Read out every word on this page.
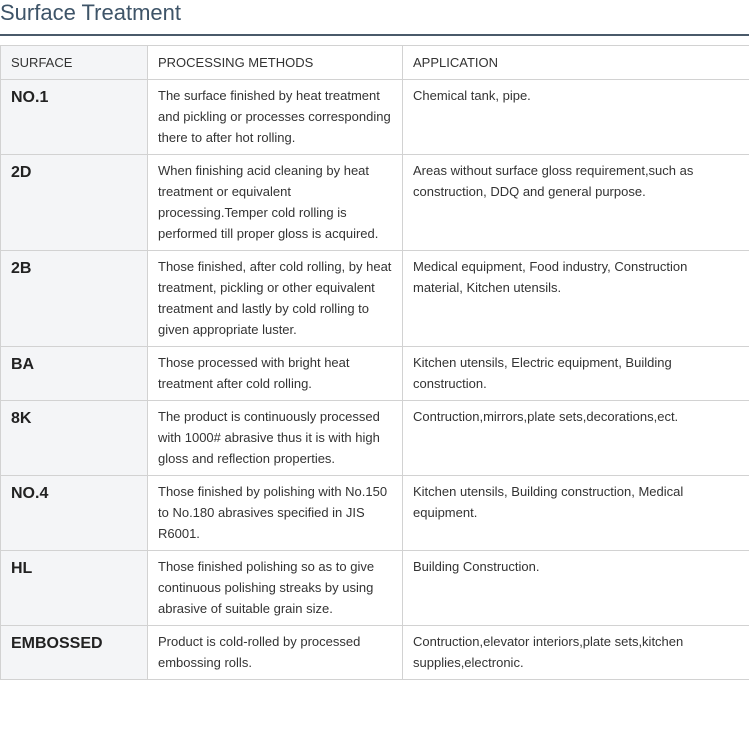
Surface Treatment
SURFACE	PROCESSING METHODS	APPLICATION
NO.1	The surface finished by heat treatment and pickling or processes corresponding there to after hot rolling.	Chemical tank, pipe.
2D	When finishing acid cleaning by heat treatment or equivalent processing.Temper cold rolling is performed till proper gloss is acquired.	Areas without surface gloss requirement,such as construction, DDQ and general purpose.
2B	Those finished, after cold rolling, by heat treatment, pickling or other equivalent treatment and lastly by cold rolling to given appropriate luster.	Medical equipment, Food industry, Construction material, Kitchen utensils.
BA	Those processed with bright heat treatment after cold rolling.	Kitchen utensils, Electric equipment, Building construction.
8K	The product is continuously processed with 1000# abrasive thus it is with high gloss and reflection properties.	Contruction,mirrors,plate sets,decorations,ect.
NO.4	Those finished by polishing with No.150 to No.180 abrasives specified in JIS R6001.	Kitchen utensils, Building construction, Medical equipment.
HL	Those finished polishing so as to give continuous polishing streaks by using abrasive of suitable grain size.	Building Construction.
EMBOSSED	Product is cold-rolled by processed embossing rolls.	Contruction,elevator interiors,plate sets,kitchen supplies,electronic.
